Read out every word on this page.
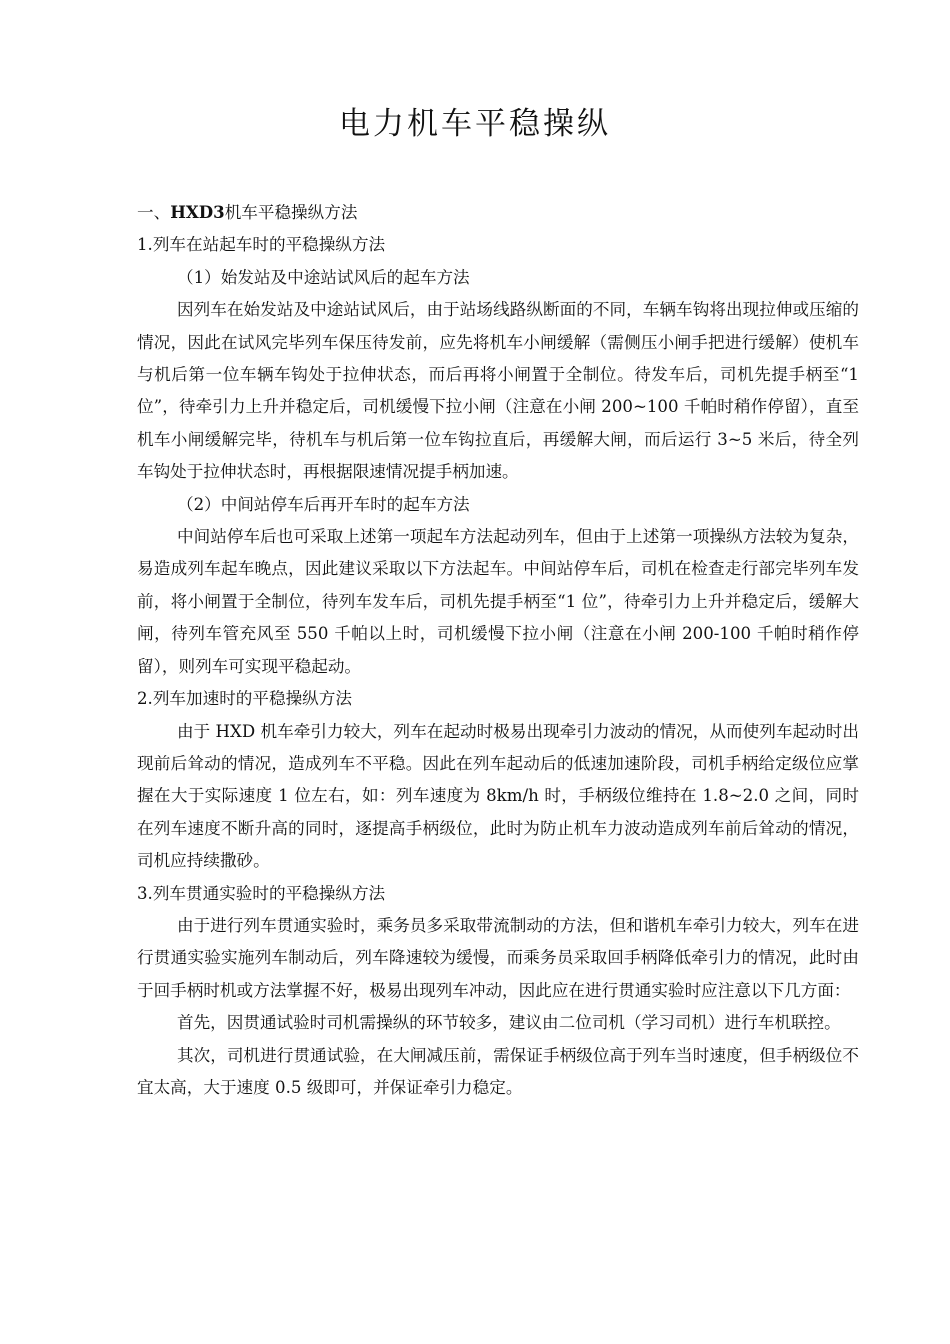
电力机车平稳操纵

一、HXD3机车平稳操纵方法

1.列车在站起车时的平稳操纵方法

（1）始发站及中途站试风后的起车方法

因列车在始发站及中途站试风后，由于站场线路纵断面的不同，车辆车钩将出现拉伸或压缩的情况，因此在试风完毕列车保压待发前，应先将机车小闸缓解（需侧压小闸手把进行缓解）使机车与机后第一位车辆车钩处于拉伸状态，而后再将小闸置于全制位。待发车后，司机先提手柄至“1 位”，待牵引力上升并稳定后，司机缓慢下拉小闸（注意在小闸 200~100 千帕时稍作停留），直至机车小闸缓解完毕，待机车与机后第一位车钩拉直后，再缓解大闸，而后运行 3~5 米后，待全列车钩处于拉伸状态时，再根据限速情况提手柄加速。

（2）中间站停车后再开车时的起车方法

中间站停车后也可采取上述第一项起车方法起动列车，但由于上述第一项操纵方法较为复杂，易造成列车起车晚点，因此建议采取以下方法起车。中间站停车后，司机在检查走行部完毕列车发前，将小闸置于全制位，待列车发车后，司机先提手柄至“1 位”，待牵引力上升并稳定后，缓解大闸，待列车管充风至 550 千帕以上时，司机缓慢下拉小闸（注意在小闸 200-100 千帕时稍作停留），则列车可实现平稳起动。

2.列车加速时的平稳操纵方法

由于 HXD 机车牵引力较大，列车在起动时极易出现牵引力波动的情况，从而使列车起动时出现前后耸动的情况，造成列车不平稳。因此在列车起动后的低速加速阶段，司机手柄给定级位应掌握在大于实际速度 1 位左右，如：列车速度为 8km/h 时，手柄级位维持在 1.8~2.0 之间，同时在列车速度不断升高的同时，逐提高手柄级位，此时为防止机车力波动造成列车前后耸动的情况，司机应持续撒砂。

3.列车贯通实验时的平稳操纵方法

由于进行列车贯通实验时，乘务员多采取带流制动的方法，但和谐机车牵引力较大，列车在进行贯通实验实施列车制动后，列车降速较为缓慢，而乘务员采取回手柄降低牵引力的情况，此时由于回手柄时机或方法掌握不好，极易出现列车冲动，因此应在进行贯通实验时应注意以下几方面：

首先，因贯通试验时司机需操纵的环节较多，建议由二位司机（学习司机）进行车机联控。

其次，司机进行贯通试验，在大闸减压前，需保证手柄级位高于列车当时速度，但手柄级位不宜太高，大于速度 0.5 级即可，并保证牵引力稳定。
